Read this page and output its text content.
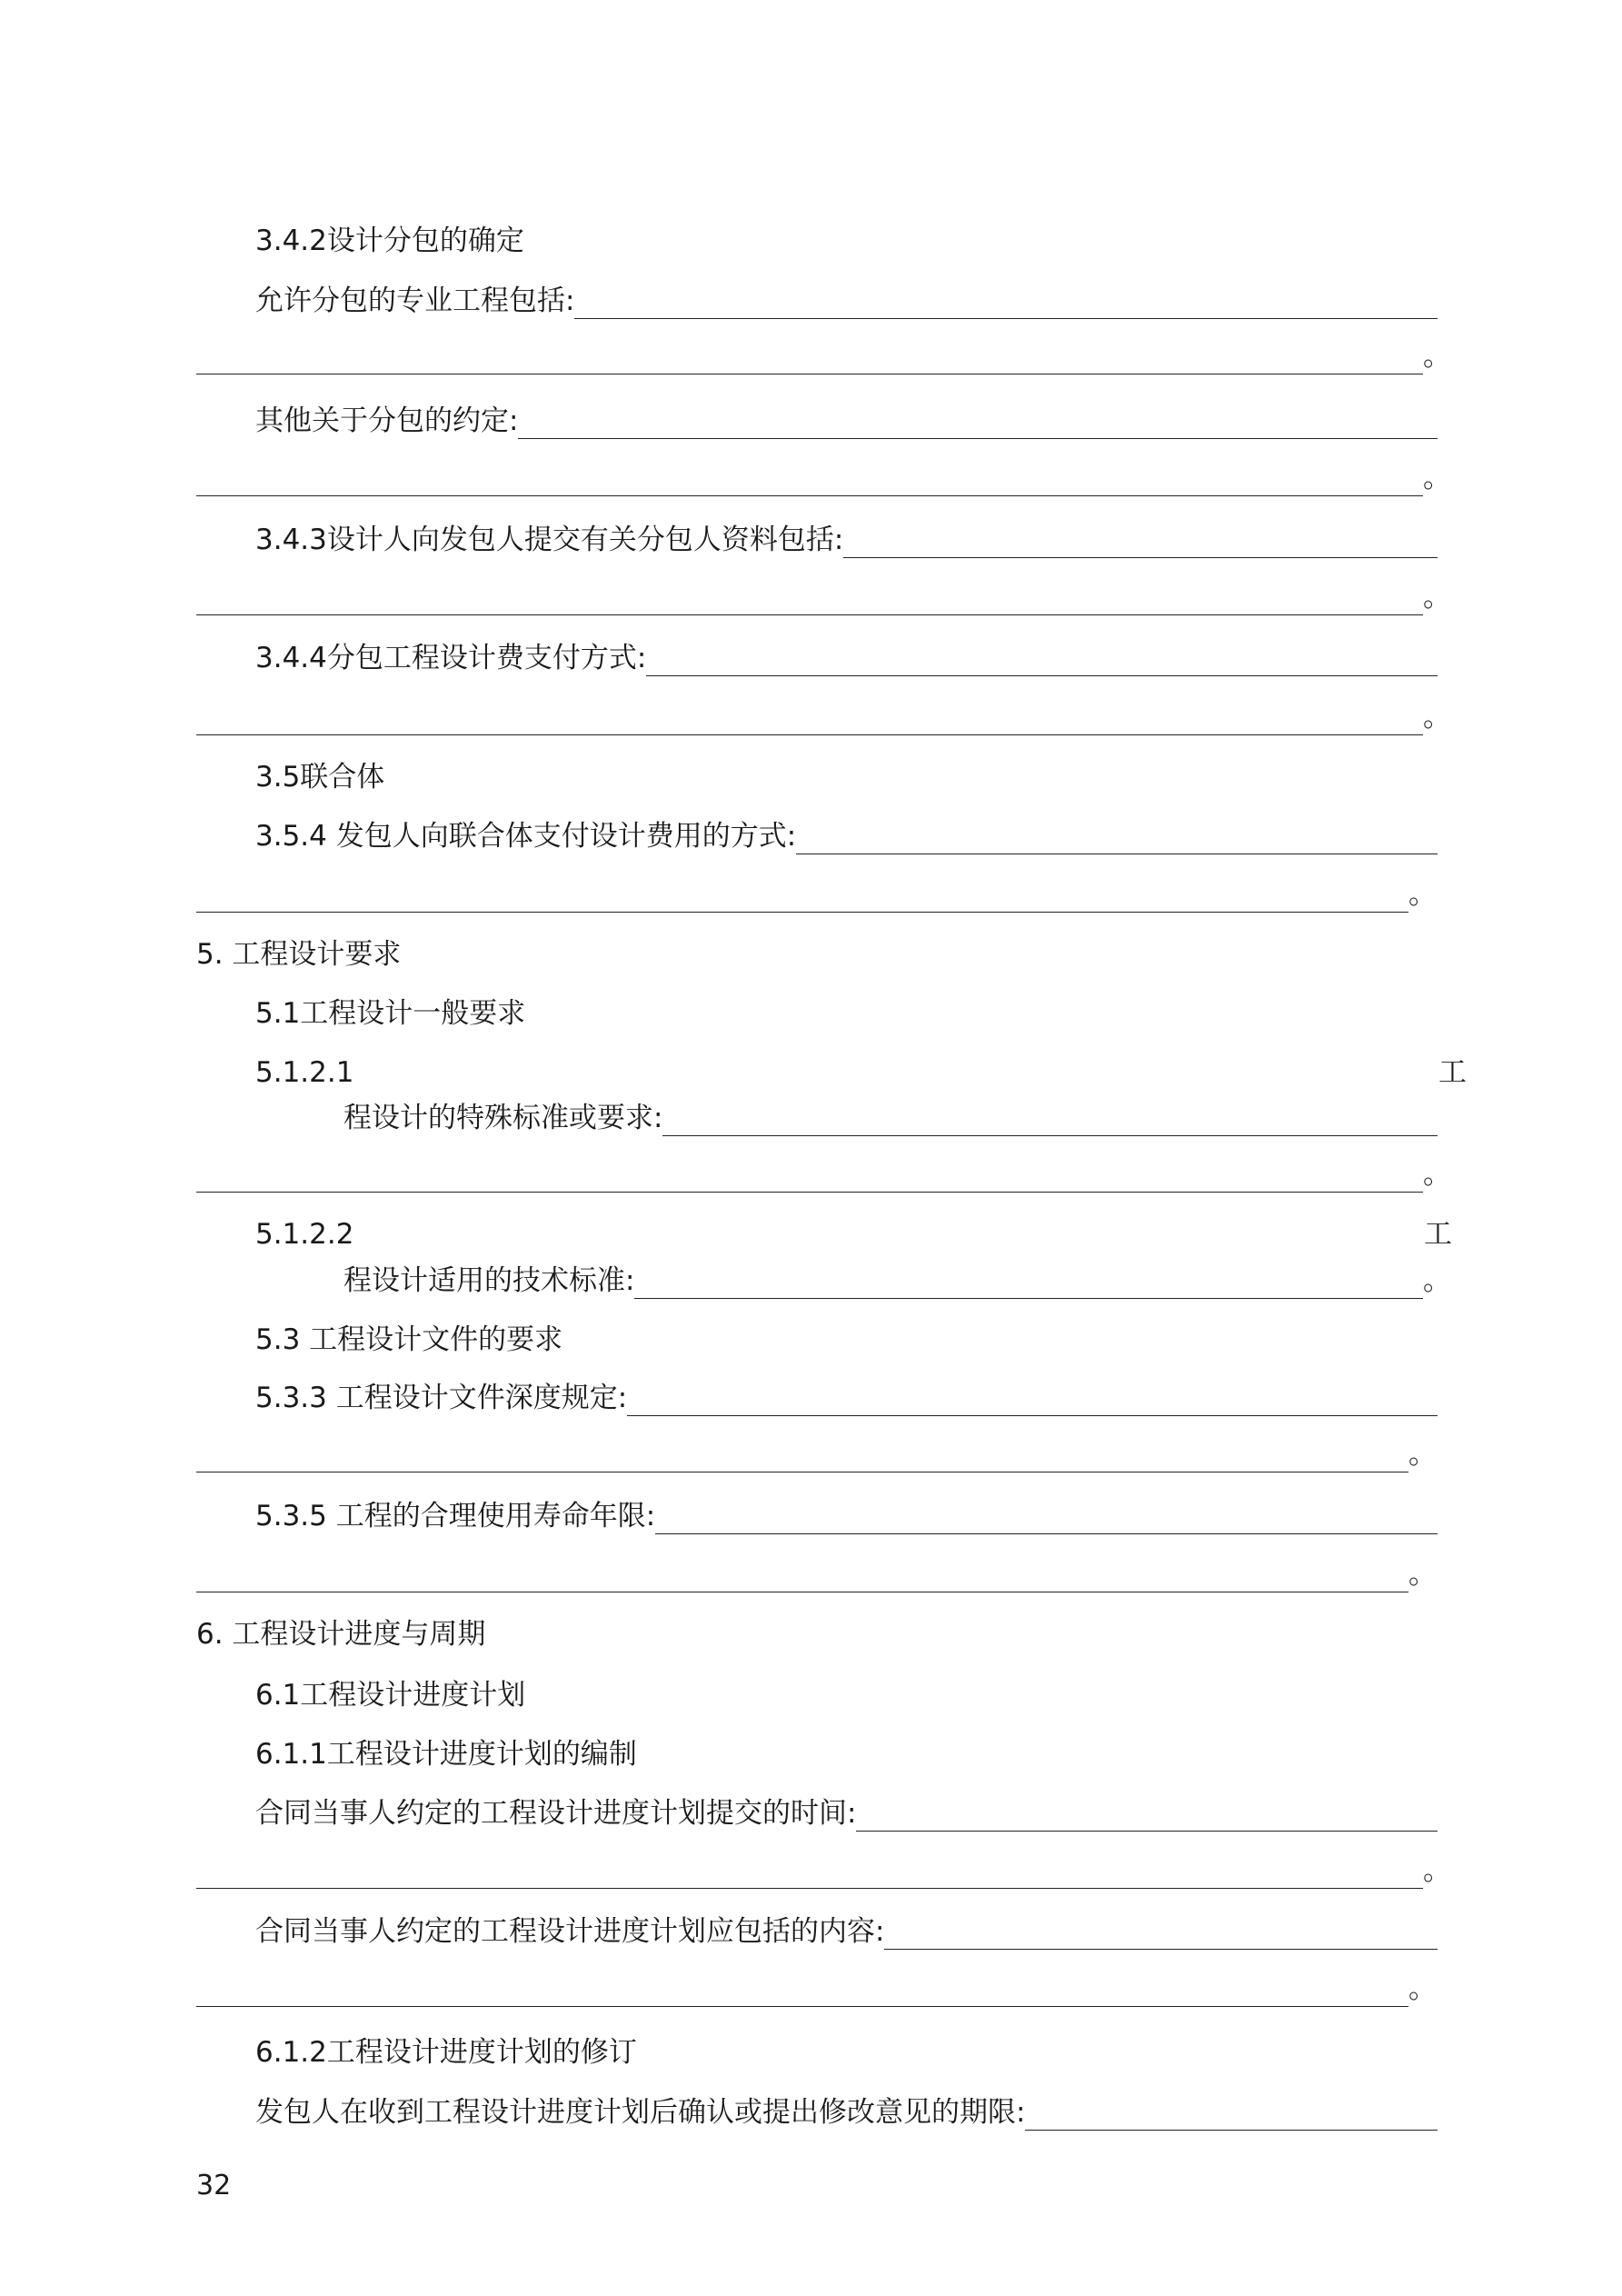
3.4.2设计分包的确定
允许分包的专业工程包括:
。
其他关于分包的约定:
。
3.4.3设计人向发包人提交有关分包人资料包括:
。
3.4.4分包工程设计费支付方式:
。
3.5联合体
3.5.4 发包人向联合体支付设计费用的方式:
。
5. 工程设计要求
5.1工程设计一般要求
5.1.2.1	工
程设计的特殊标准或要求:
。
5.1.2.2	工
程设计适用的技术标准:	。
5.3 工程设计文件的要求
5.3.3 工程设计文件深度规定:
。
5.3.5 工程的合理使用寿命年限:
。
6. 工程设计进度与周期
6.1工程设计进度计划
6.1.1工程设计进度计划的编制
合同当事人约定的工程设计进度计划提交的时间:
。
合同当事人约定的工程设计进度计划应包括的内容:
。
6.1.2工程设计进度计划的修订
发包人在收到工程设计进度计划后确认或提出修改意见的期限:
32
